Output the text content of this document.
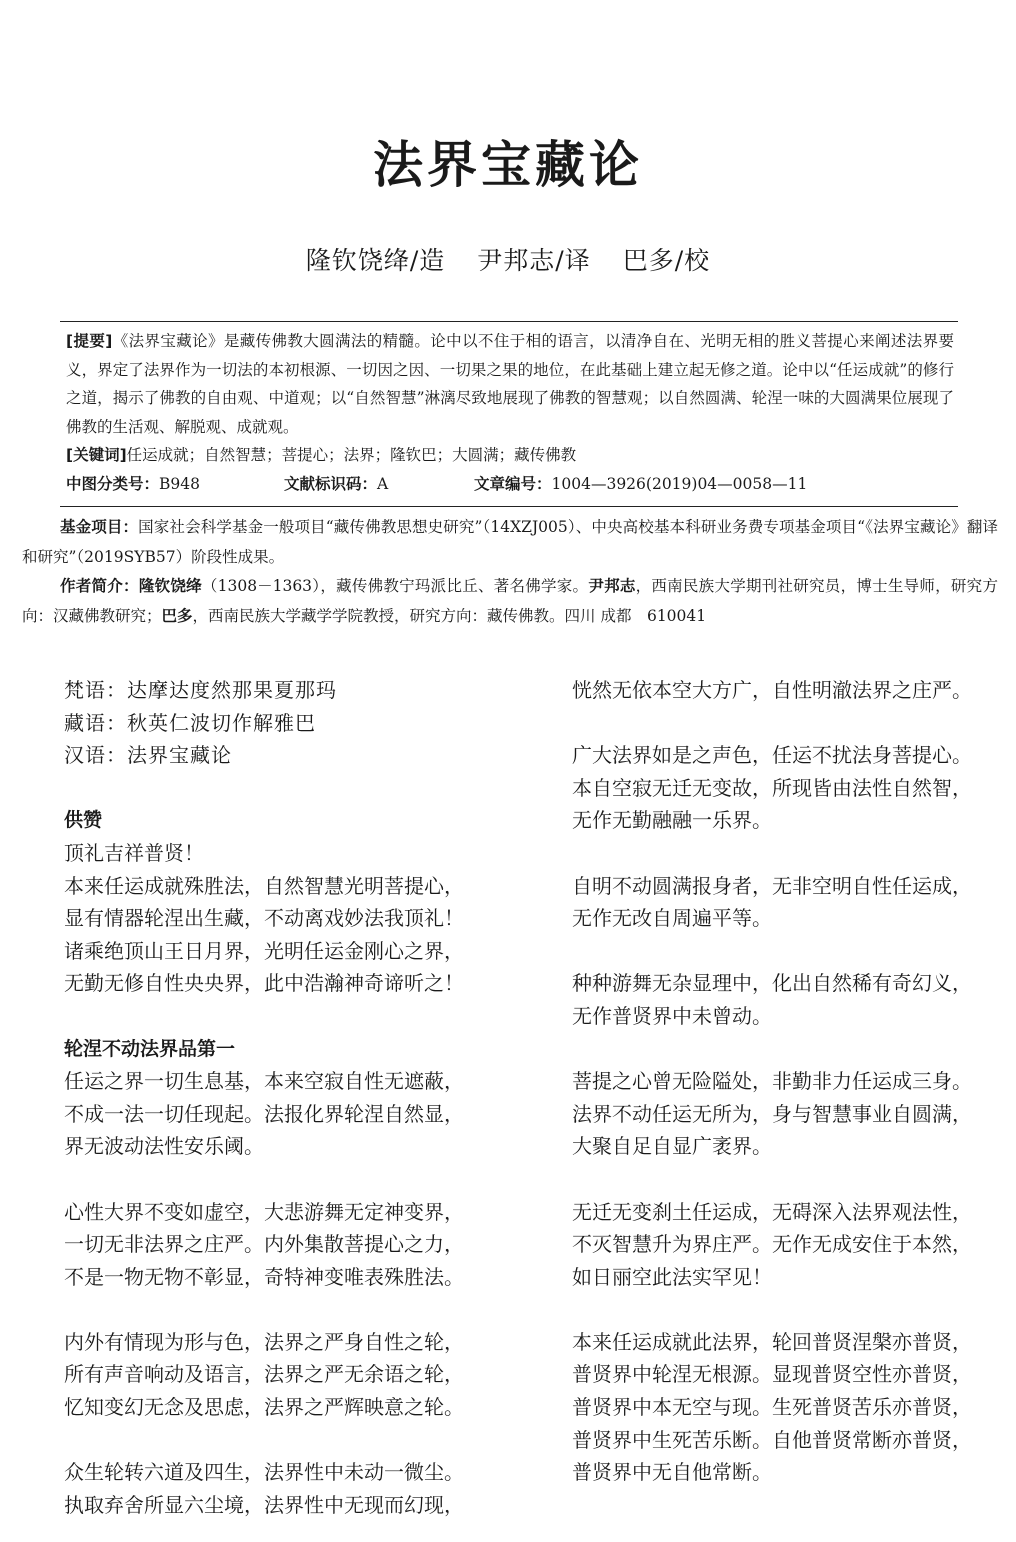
法界宝藏论
隆钦饶绛/造 尹邦志/译 巴多/校
[提要]《法界宝藏论》是藏传佛教大圆满法的精髓。论中以不住于相的语言，以清净自在、光明无相的胜义菩提心来阐述法界要义，界定了法界作为一切法的本初根源、一切因之因、一切果之果的地位，在此基础上建立起无修之道。论中以“任运成就”的修行之道，揭示了佛教的自由观、中道观；以“自然智慧”淋漓尽致地展现了佛教的智慧观；以自然圆满、轮涅一味的大圆满果位展现了佛教的生活观、解脱观、成就观。
[关键词]任运成就；自然智慧；菩提心；法界；隆钦巴；大圆满；藏传佛教
中图分类号：B948	文献标识码：A	文章编号：1004—3926(2019)04—0058—11

基金项目：国家社会科学基金一般项目“藏传佛教思想史研究”（14XZJ005）、中央高校基本科研业务费专项基金项目“《法界宝藏论》翻译和研究”（2019SYB57）阶段性成果。

作者简介：隆钦饶绛（1308－1363），藏传佛教宁玛派比丘、著名佛学家。尹邦志，西南民族大学期刊社研究员，博士生导师，研究方向：汉藏佛教研究；巴多，西南民族大学藏学学院教授，研究方向：藏传佛教。四川 成都　610041

梵语：达摩达度然那果夏那玛
藏语：秋英仁波切作解雅巴
汉语：法界宝藏论
供赞
顶礼吉祥普贤！
本来任运成就殊胜法，自然智慧光明菩提心，
显有情器轮涅出生藏，不动离戏妙法我顶礼！
诸乘绝顶山王日月界，光明任运金刚心之界，
无勤无修自性央央界，此中浩瀚神奇谛听之！
轮涅不动法界品第一
任运之界一切生息基，本来空寂自性无遮蔽，
不成一法一切任现起。法报化界轮涅自然显，
界无波动法性安乐阈。
心性大界不变如虚空，大悲游舞无定神变界，
一切无非法界之庄严。内外集散菩提心之力，
不是一物无物不彰显，奇特神变唯表殊胜法。
内外有情现为形与色，法界之严身自性之轮，
所有声音响动及语言，法界之严无余语之轮，
忆知变幻无念及思虑，法界之严辉映意之轮。
众生轮转六道及四生，法界性中未动一微尘。
执取弃舍所显六尘境，法界性中无现而幻现，
恍然无依本空大方广，自性明澈法界之庄严。
广大法界如是之声色，任运不扰法身菩提心。
本自空寂无迁无变故，所现皆由法性自然智，
无作无勤融融一乐界。
自明不动圆满报身者，无非空明自性任运成，
无作无改自周遍平等。
种种游舞无杂显理中，化出自然稀有奇幻义，
无作普贤界中未曾动。
菩提之心曾无险隘处，非勤非力任运成三身。
法界不动任运无所为，身与智慧事业自圆满，
大聚自足自显广袤界。
无迁无变刹土任运成，无碍深入法界观法性，
不灭智慧升为界庄严。无作无成安住于本然，
如日丽空此法实罕见！
本来任运成就此法界，轮回普贤涅槃亦普贤，
普贤界中轮涅无根源。显现普贤空性亦普贤，
普贤界中本无空与现。生死普贤苦乐亦普贤，
普贤界中生死苦乐断。自他普贤常断亦普贤，
普贤界中无自他常断。
